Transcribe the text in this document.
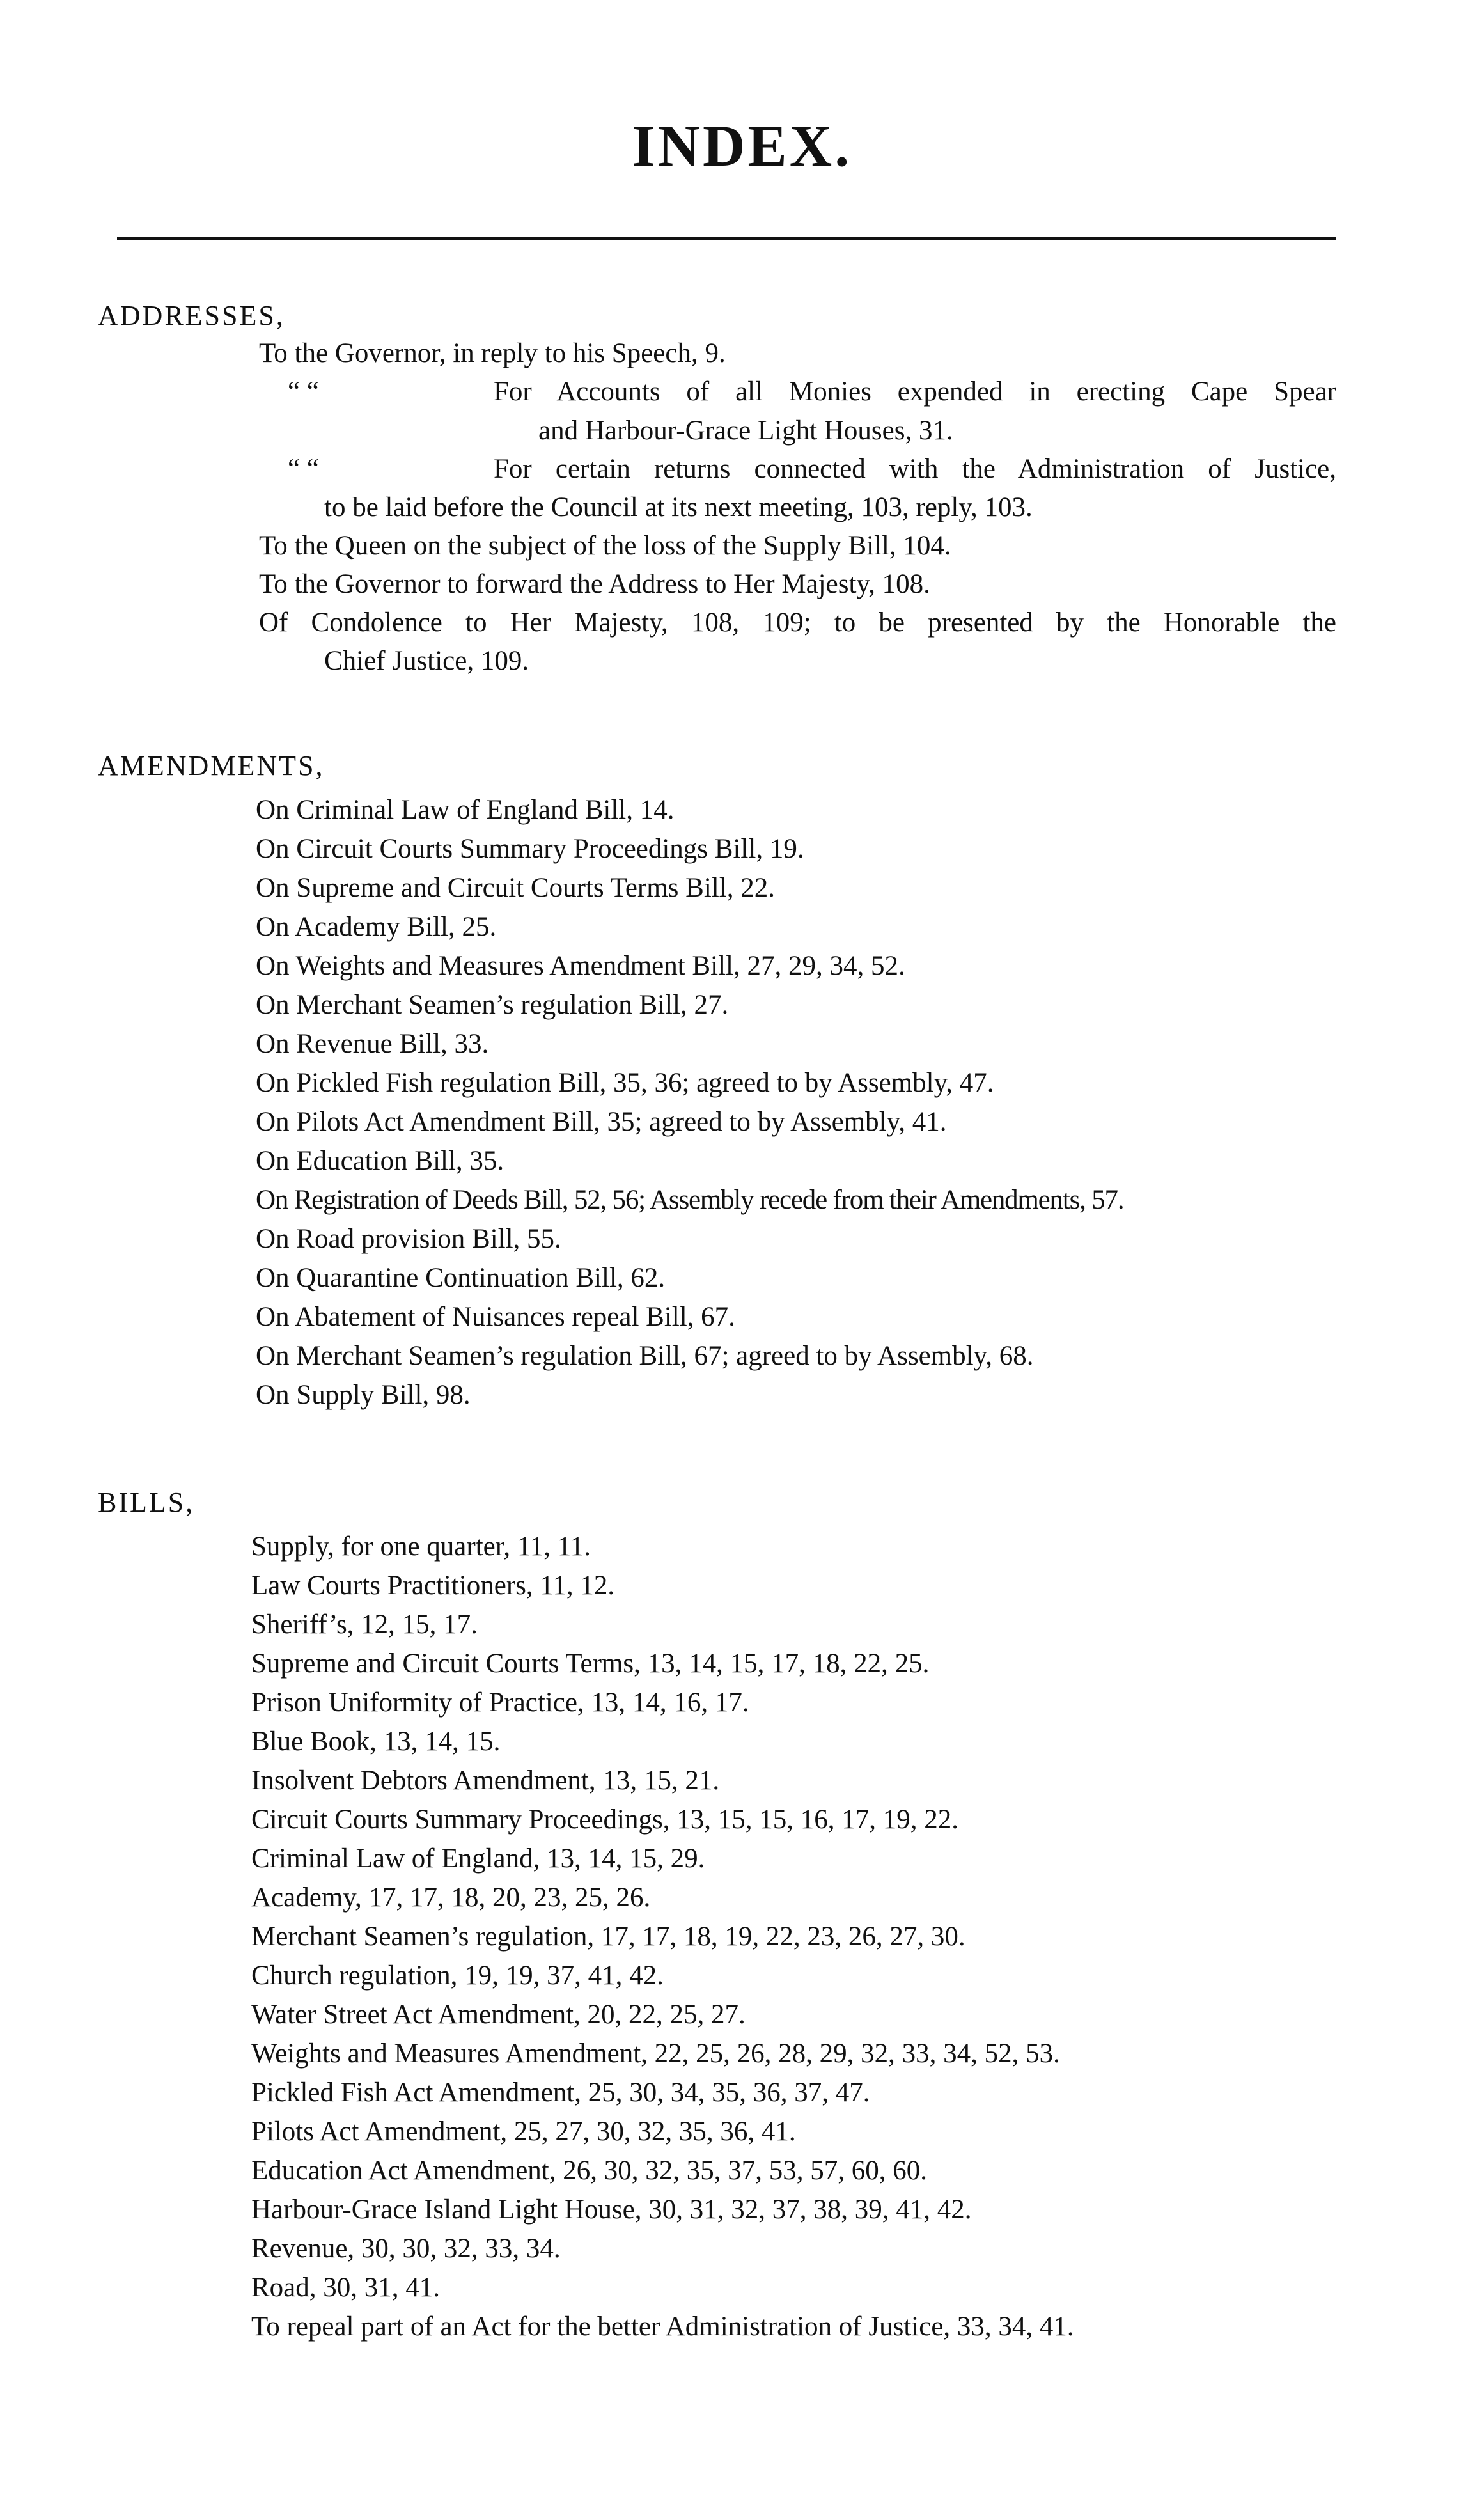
INDEX.
ADDRESSES,
To the Governor, in reply to his Speech, 9.
“ “	For Accounts of all Monies expended in erecting Cape Spear
and Harbour-Grace Light Houses, 31.
“ “	For certain returns connected with the Administration of Justice,
to be laid before the Council at its next meeting, 103, reply, 103.
To the Queen on the subject of the loss of the Supply Bill, 104.
To the Governor to forward the Address to Her Majesty, 108.
Of Condolence to Her Majesty, 108, 109; to be presented by the Honorable the
Chief Justice, 109.
AMENDMENTS,
On Criminal Law of England Bill, 14.
On Circuit Courts Summary Proceedings Bill, 19.
On Supreme and Circuit Courts Terms Bill, 22.
On Academy Bill, 25.
On Weights and Measures Amendment Bill, 27, 29, 34, 52.
On Merchant Seamen’s regulation Bill, 27.
On Revenue Bill, 33.
On Pickled Fish regulation Bill, 35, 36; agreed to by Assembly, 47.
On Pilots Act Amendment Bill, 35; agreed to by Assembly, 41.
On Education Bill, 35.
On Registration of Deeds Bill, 52, 56; Assembly recede from their Amendments, 57.
On Road provision Bill, 55.
On Quarantine Continuation Bill, 62.
On Abatement of Nuisances repeal Bill, 67.
On Merchant Seamen’s regulation Bill, 67; agreed to by Assembly, 68.
On Supply Bill, 98.
BILLS,
Supply, for one quarter, 11, 11.
Law Courts Practitioners, 11, 12.
Sheriff’s, 12, 15, 17.
Supreme and Circuit Courts Terms, 13, 14, 15, 17, 18, 22, 25.
Prison Uniformity of Practice, 13, 14, 16, 17.
Blue Book, 13, 14, 15.
Insolvent Debtors Amendment, 13, 15, 21.
Circuit Courts Summary Proceedings, 13, 15, 15, 16, 17, 19, 22.
Criminal Law of England, 13, 14, 15, 29.
Academy, 17, 17, 18, 20, 23, 25, 26.
Merchant Seamen’s regulation, 17, 17, 18, 19, 22, 23, 26, 27, 30.
Church regulation, 19, 19, 37, 41, 42.
Water Street Act Amendment, 20, 22, 25, 27.
Weights and Measures Amendment, 22, 25, 26, 28, 29, 32, 33, 34, 52, 53.
Pickled Fish Act Amendment, 25, 30, 34, 35, 36, 37, 47.
Pilots Act Amendment, 25, 27, 30, 32, 35, 36, 41.
Education Act Amendment, 26, 30, 32, 35, 37, 53, 57, 60, 60.
Harbour-Grace Island Light House, 30, 31, 32, 37, 38, 39, 41, 42.
Revenue, 30, 30, 32, 33, 34.
Road, 30, 31, 41.
To repeal part of an Act for the better Administration of Justice, 33, 34, 41.
